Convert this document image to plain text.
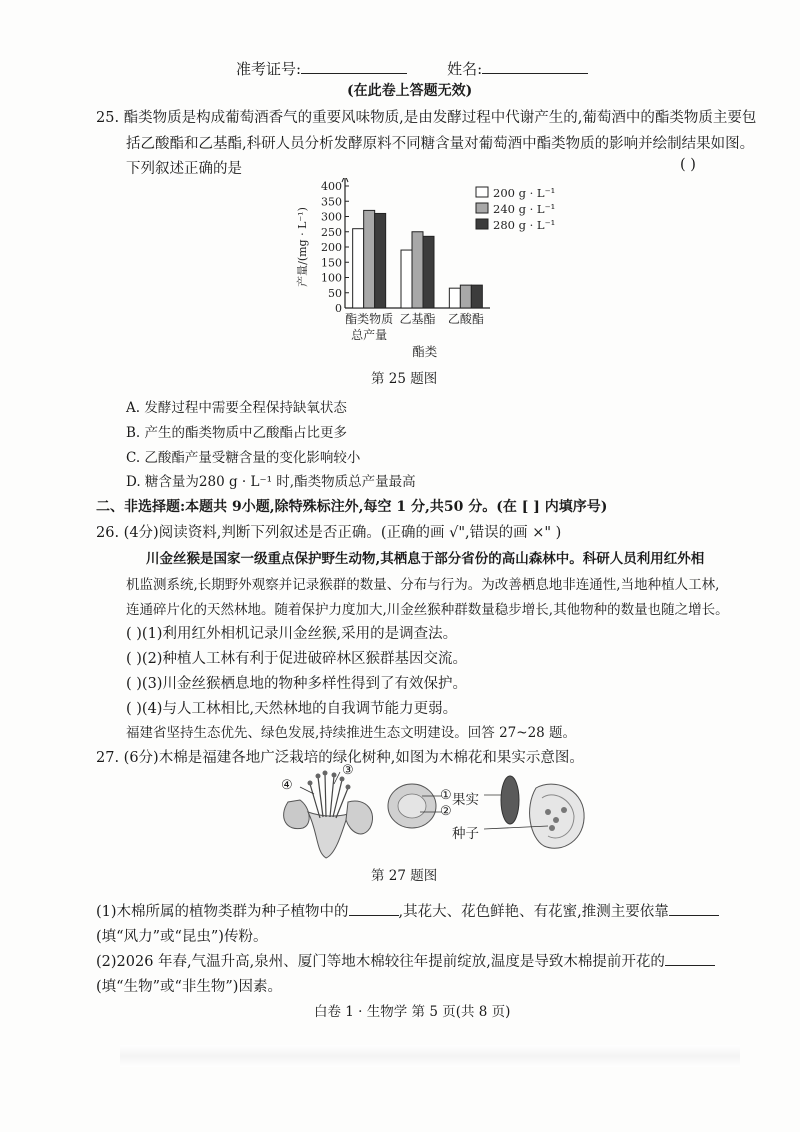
准考证号:	姓名:
(在此卷上答题无效)
25. 酯类物质是构成葡萄酒香气的重要风味物质,是由发酵过程中代谢产生的,葡萄酒中的酯类物质主要包
括乙酸酯和乙基酯,科研人员分析发酵原料不同糖含量对葡萄酒中酯类物质的影响并绘制结果如图。
下列叙述正确的是	( )
0
50
100
150
200
250
300
350
400
产量/(mg · L⁻¹)
酯类物质
总产量
乙基酯 乙酸酯
酯类
200 g · L⁻¹
240 g · L⁻¹
280 g · L⁻¹
第 25 题图
A. 发酵过程中需要全程保持缺氧状态
B. 产生的酯类物质中乙酸酯占比更多
C. 乙酸酯产量受糖含量的变化影响较小
D. 糖含量为280 g · L⁻¹ 时,酯类物质总产量最高
二、非选择题:本题共 9小题,除特殊标注外,每空 1 分,共50 分。(在 [ ] 内填序号)
26. (4分)阅读资料,判断下列叙述是否正确。(正确的画 √",错误的画 ×" )
川金丝猴是国家一级重点保护野生动物,其栖息于部分省份的高山森林中。科研人员利用红外相
机监测系统,长期野外观察并记录猴群的数量、分布与行为。为改善栖息地非连通性,当地种植人工林,
连通碎片化的天然林地。随着保护力度加大,川金丝猴种群数量稳步增长,其他物种的数量也随之增长。
( )(1)利用红外相机记录川金丝猴,采用的是调查法。
( )(2)种植人工林有利于促进破碎林区猴群基因交流。
( )(3)川金丝猴栖息地的物种多样性得到了有效保护。
( )(4)与人工林相比,天然林地的自我调节能力更弱。
福建省坚持生态优先、绿色发展,持续推进生态文明建设。回答 27~28 题。
27. (6分)木棉是福建各地广泛栽培的绿化树种,如图为木棉花和果实示意图。
④
③
①
②
果实
种子
第 27 题图
(1)木棉所属的植物类群为种子植物中的	,其花大、花色鲜艳、有花蜜,推测主要依靠
(填“风力”或“昆虫”)传粉。
(2)2026 年春,气温升高,泉州、厦门等地木棉较往年提前绽放,温度是导致木棉提前开花的
(填“生物”或“非生物”)因素。
白卷 1 · 生物学 第 5 页(共 8 页)
